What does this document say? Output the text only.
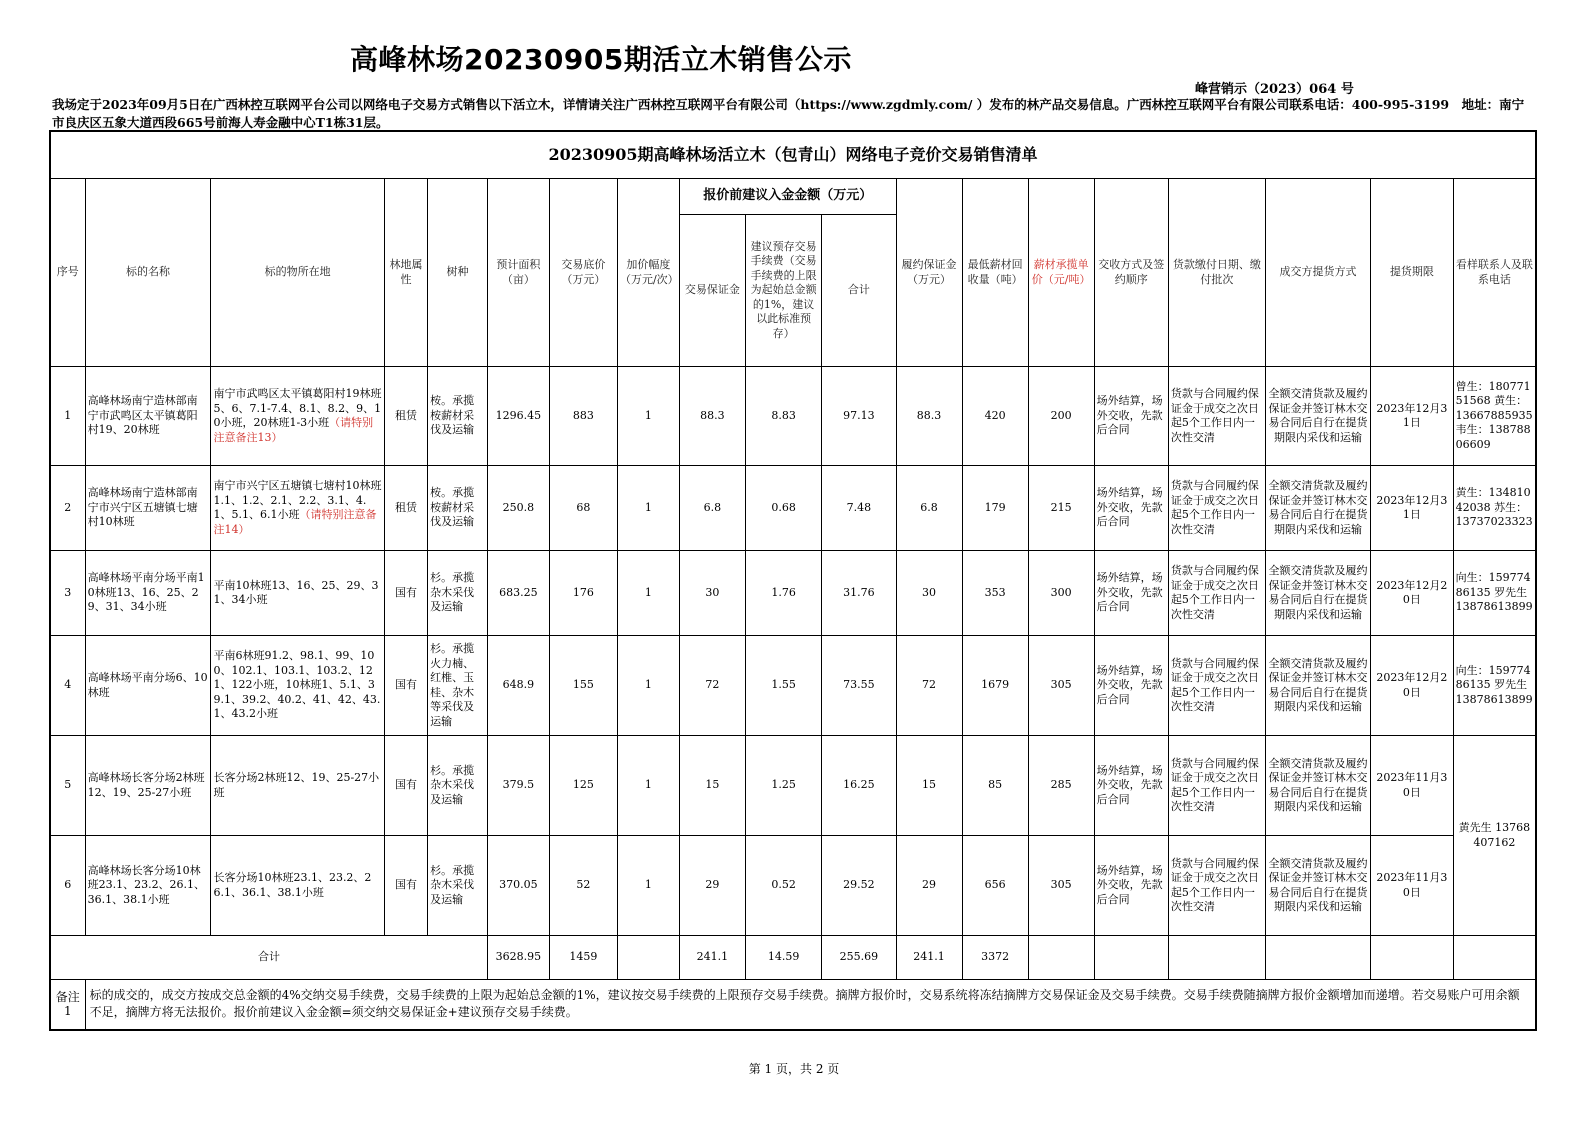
高峰林场20230905期活立木销售公示
峰营销示（2023）064 号
我场定于2023年09月5日在广西林控互联网平台公司以网络电子交易方式销售以下活立木，详情请关注广西林控互联网平台有限公司（https://www.zgdmly.com/ ）发布的林产品交易信息。广西林控互联网平台有限公司联系电话：400-995-3199　地址：南宁市良庆区五象大道西段665号前海人寿金融中心T1栋31层。
20230905期高峰林场活立木（包青山）网络电子竞价交易销售清单																		
序号	标的名称	标的物所在地	林地属性	树种	预计面积（亩）	交易底价（万元）	加价幅度（万元/次）	报价前建议入金金额（万元）			履约保证金（万元）	最低薪材回收量（吨）	薪材承揽单价（元/吨）	交收方式及签约顺序	货款缴付日期、缴付批次	成交方提货方式	提货期限	看样联系人及联系电话
								交易保证金	建议预存交易手续费（交易手续费的上限为起始总金额的1%，建议以此标准预存）	合计								
1	高峰林场南宁造林部南宁市武鸣区太平镇葛阳村19、20林班	南宁市武鸣区太平镇葛阳村19林班5、6、7.1-7.4、8.1、8.2、9、10小班，20林班1-3小班（请特别注意备注13）	租赁	桉。承揽桉薪材采伐及运输	1296.45	883	1	88.3	8.83	97.13	88.3	420	200	场外结算，场外交收，先款后合同	货款与合同履约保证金于成交之次日起5个工作日内一次性交清	全额交清货款及履约保证金并签订林木交易合同后自行在提货期限内采伐和运输	2023年12月31日	曾生：18077151568 黄生：13667885935 韦生：13878806609
2	高峰林场南宁造林部南宁市兴宁区五塘镇七塘村10林班	南宁市兴宁区五塘镇七塘村10林班1.1、1.2、2.1、2.2、3.1、4.1、5.1、6.1小班（请特别注意备注14）	租赁	桉。承揽桉薪材采伐及运输	250.8	68	1	6.8	0.68	7.48	6.8	179	215	场外结算，场外交收，先款后合同	货款与合同履约保证金于成交之次日起5个工作日内一次性交清	全额交清货款及履约保证金并签订林木交易合同后自行在提货期限内采伐和运输	2023年12月31日	黄生：13481042038 苏生：13737023323
3	高峰林场平南分场平南10林班13、16、25、29、31、34小班	平南10林班13、16、25、29、31、34小班	国有	杉。承揽杂木采伐及运输	683.25	176	1	30	1.76	31.76	30	353	300	场外结算，场外交收，先款后合同	货款与合同履约保证金于成交之次日起5个工作日内一次性交清	全额交清货款及履约保证金并签订林木交易合同后自行在提货期限内采伐和运输	2023年12月20日	向生：15977486135 罗先生 13878613899
4	高峰林场平南分场6、10林班	平南6林班91.2、98.1、99、100、102.1、103.1、103.2、121、122小班，10林班1、5.1、39.1、39.2、40.2、41、42、43.1、43.2小班	国有	杉。承揽火力楠、红椎、玉桂、杂木等采伐及运输	648.9	155	1	72	1.55	73.55	72	1679	305	场外结算，场外交收，先款后合同	货款与合同履约保证金于成交之次日起5个工作日内一次性交清	全额交清货款及履约保证金并签订林木交易合同后自行在提货期限内采伐和运输	2023年12月20日	向生：15977486135 罗先生 13878613899
5	高峰林场长客分场2林班12、19、25-27小班	长客分场2林班12、19、25-27小班	国有	杉。承揽杂木采伐及运输	379.5	125	1	15	1.25	16.25	15	85	285	场外结算，场外交收，先款后合同	货款与合同履约保证金于成交之次日起5个工作日内一次性交清	全额交清货款及履约保证金并签订林木交易合同后自行在提货期限内采伐和运输	2023年11月30日	黄先生 13768407162
6	高峰林场长客分场10林班23.1、23.2、26.1、36.1、38.1小班	长客分场10林班23.1、23.2、26.1、36.1、38.1小班	国有	杉。承揽杂木采伐及运输	370.05	52	1	29	0.52	29.52	29	656	305	场外结算，场外交收，先款后合同	货款与合同履约保证金于成交之次日起5个工作日内一次性交清	全额交清货款及履约保证金并签订林木交易合同后自行在提货期限内采伐和运输	2023年11月30日	
合计					3628.95	1459		241.1	14.59	255.69	241.1	3372						
备注1	标的成交的，成交方按成交总金额的4%交纳交易手续费，交易手续费的上限为起始总金额的1%，建议按交易手续费的上限预存交易手续费。摘牌方报价时，交易系统将冻结摘牌方交易保证金及交易手续费。交易手续费随摘牌方报价金额增加而递增。若交易账户可用余额不足，摘牌方将无法报价。报价前建议入金金额=须交纳交易保证金+建议预存交易手续费。																	
第 1 页，共 2 页
